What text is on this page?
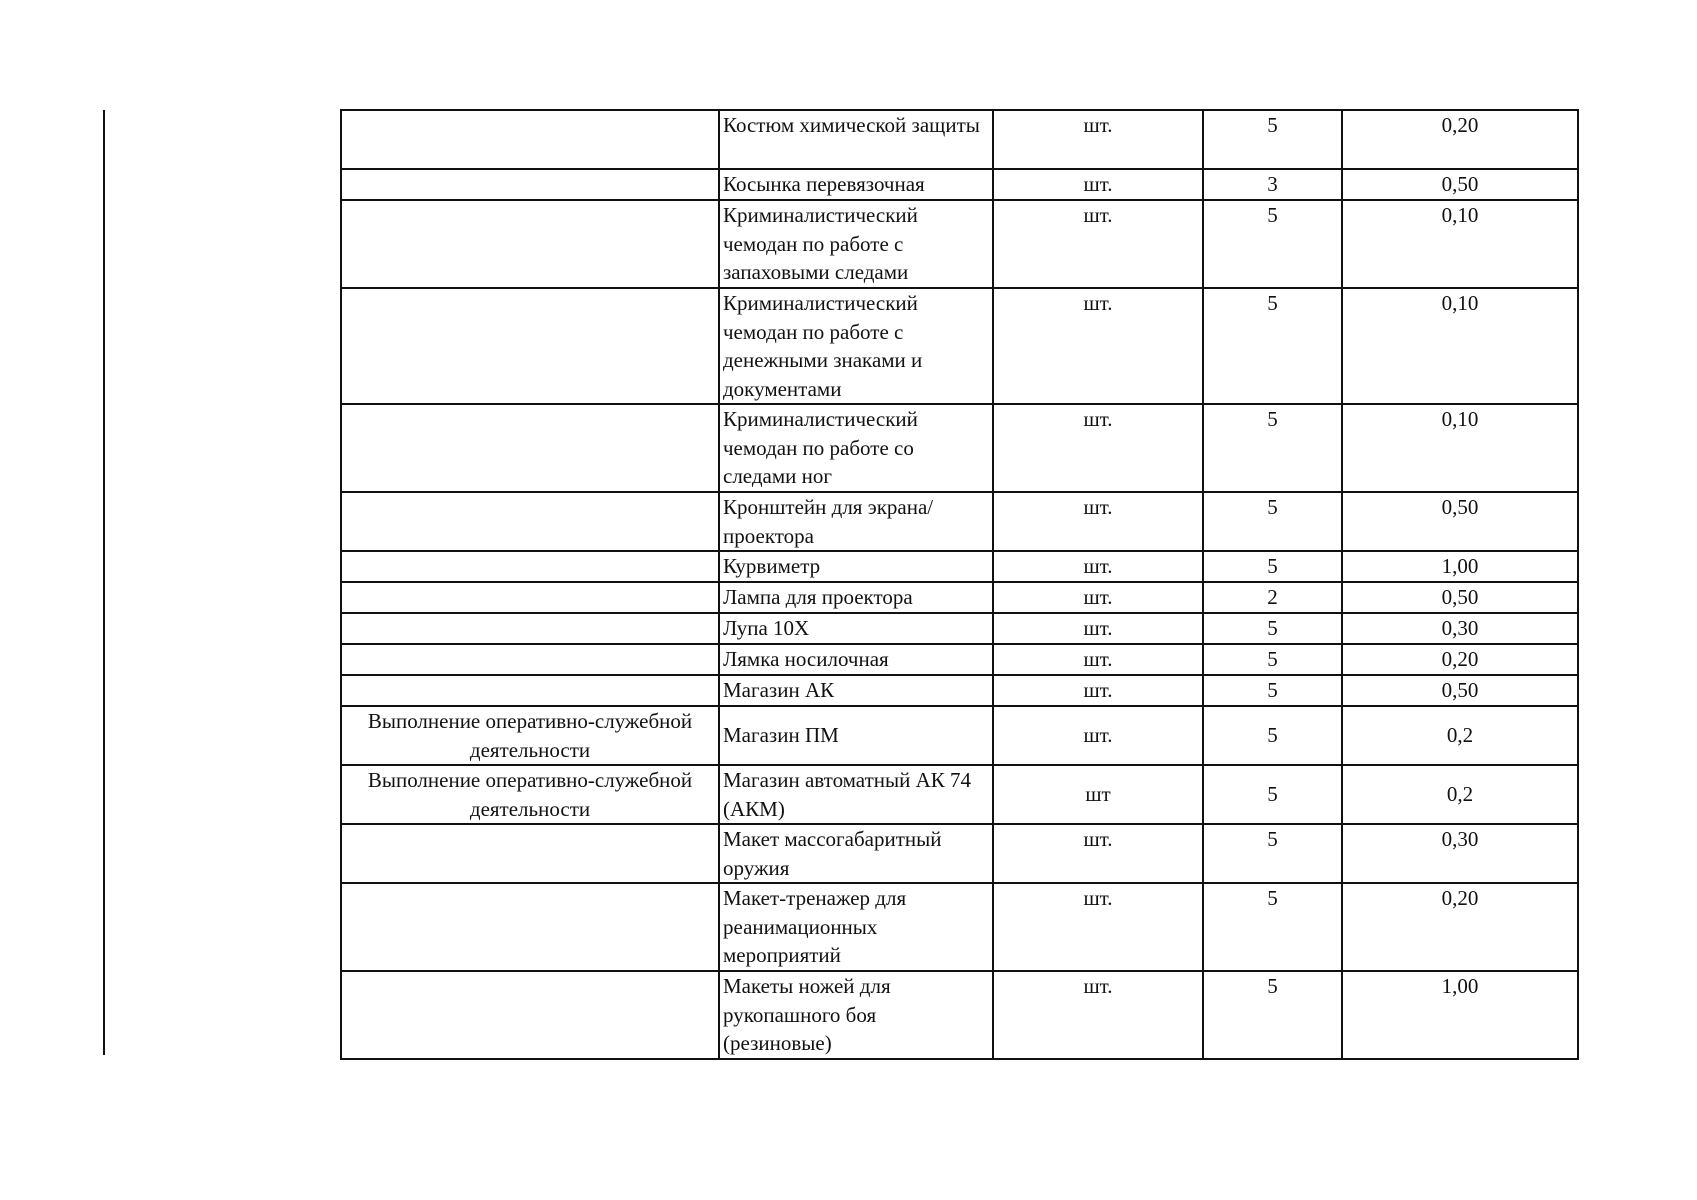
	Костюм химической защиты	шт.	5	0,20
	Косынка перевязочная	шт.	3	0,50
	Криминалистический чемодан по работе с запаховыми следами	шт.	5	0,10
	Криминалистический чемодан по работе с денежными знаками и документами	шт.	5	0,10
	Криминалистический чемодан по работе со следами ног	шт.	5	0,10
	Кронштейн для экрана/проектора	шт.	5	0,50
	Курвиметр	шт.	5	1,00
	Лампа для проектора	шт.	2	0,50
	Лупа 10Х	шт.	5	0,30
	Лямка носилочная	шт.	5	0,20
	Магазин АК	шт.	5	0,50
Выполнение оперативно-служебной деятельности	Магазин ПМ	шт.	5	0,2
Выполнение оперативно-служебной деятельности	Магазин автоматный АК 74 (АКМ)	шт	5	0,2
	Макет массогабаритный оружия	шт.	5	0,30
	Макет-тренажер для реанимационных мероприятий	шт.	5	0,20
	Макеты ножей для рукопашного боя (резиновые)	шт.	5	1,00
